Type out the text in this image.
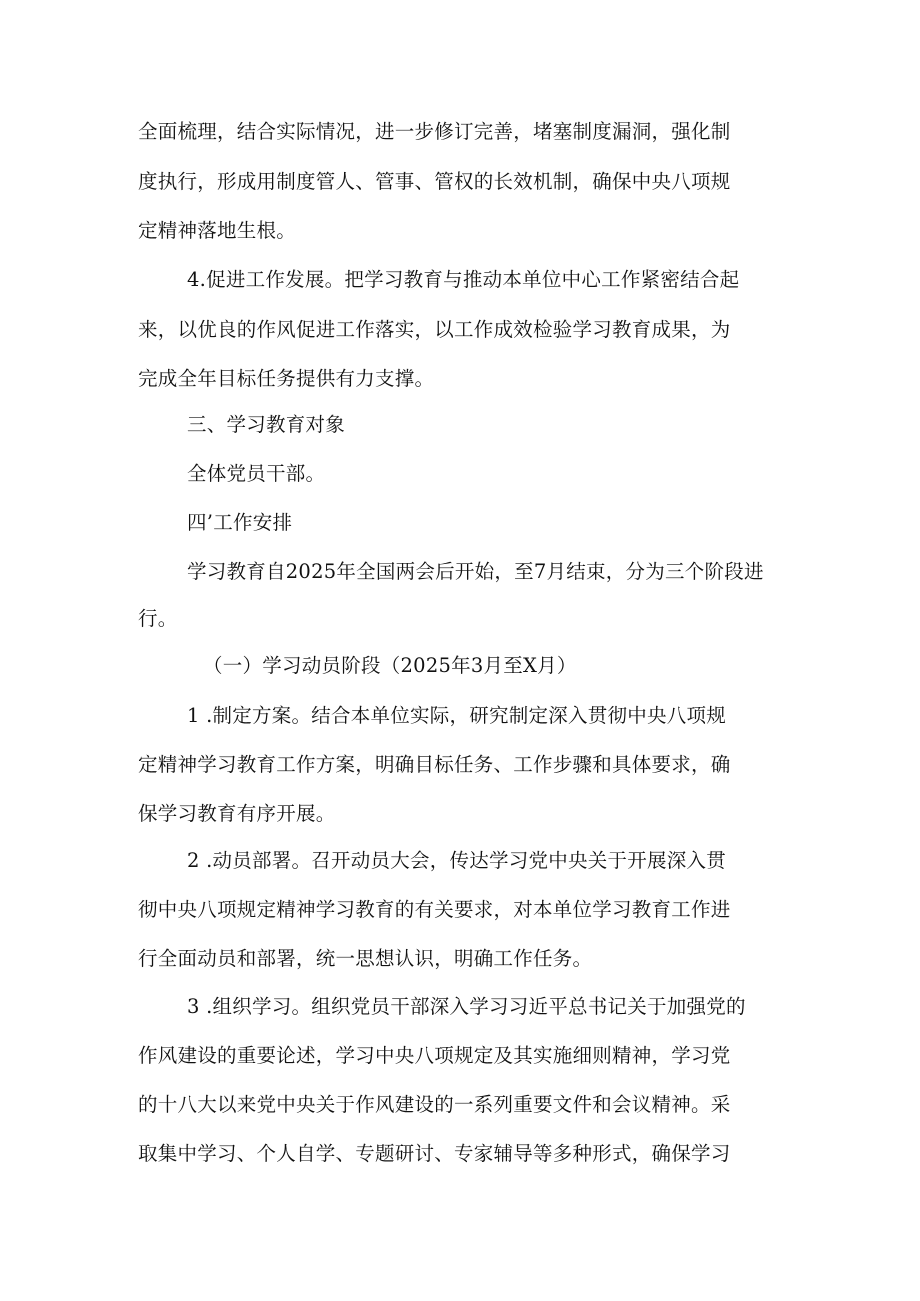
全面梳理，结合实际情况，进一步修订完善，堵塞制度漏洞，强化制
度执行，形成用制度管人、管事、管权的长效机制，确保中央八项规
定精神落地生根。
4.促进工作发展。把学习教育与推动本单位中心工作紧密结合起
来，以优良的作风促进工作落实，以工作成效检验学习教育成果，为
完成全年目标任务提供有力支撑。
三、学习教育对象
全体党员干部。
四’工作安排
学习教育自2025年全国两会后开始，至7月结束，分为三个阶段进
行。
（一）学习动员阶段（2025年3月至X月）
1 .制定方案。结合本单位实际，研究制定深入贯彻中央八项规
定精神学习教育工作方案，明确目标任务、工作步骤和具体要求，确
保学习教育有序开展。
2 .动员部署。召开动员大会，传达学习党中央关于开展深入贯
彻中央八项规定精神学习教育的有关要求，对本单位学习教育工作进
行全面动员和部署，统一思想认识，明确工作任务。
3 .组织学习。组织党员干部深入学习习近平总书记关于加强党的
作风建设的重要论述，学习中央八项规定及其实施细则精神，学习党
的十八大以来党中央关于作风建设的一系列重要文件和会议精神。采
取集中学习、个人自学、专题研讨、专家辅导等多种形式，确保学习
